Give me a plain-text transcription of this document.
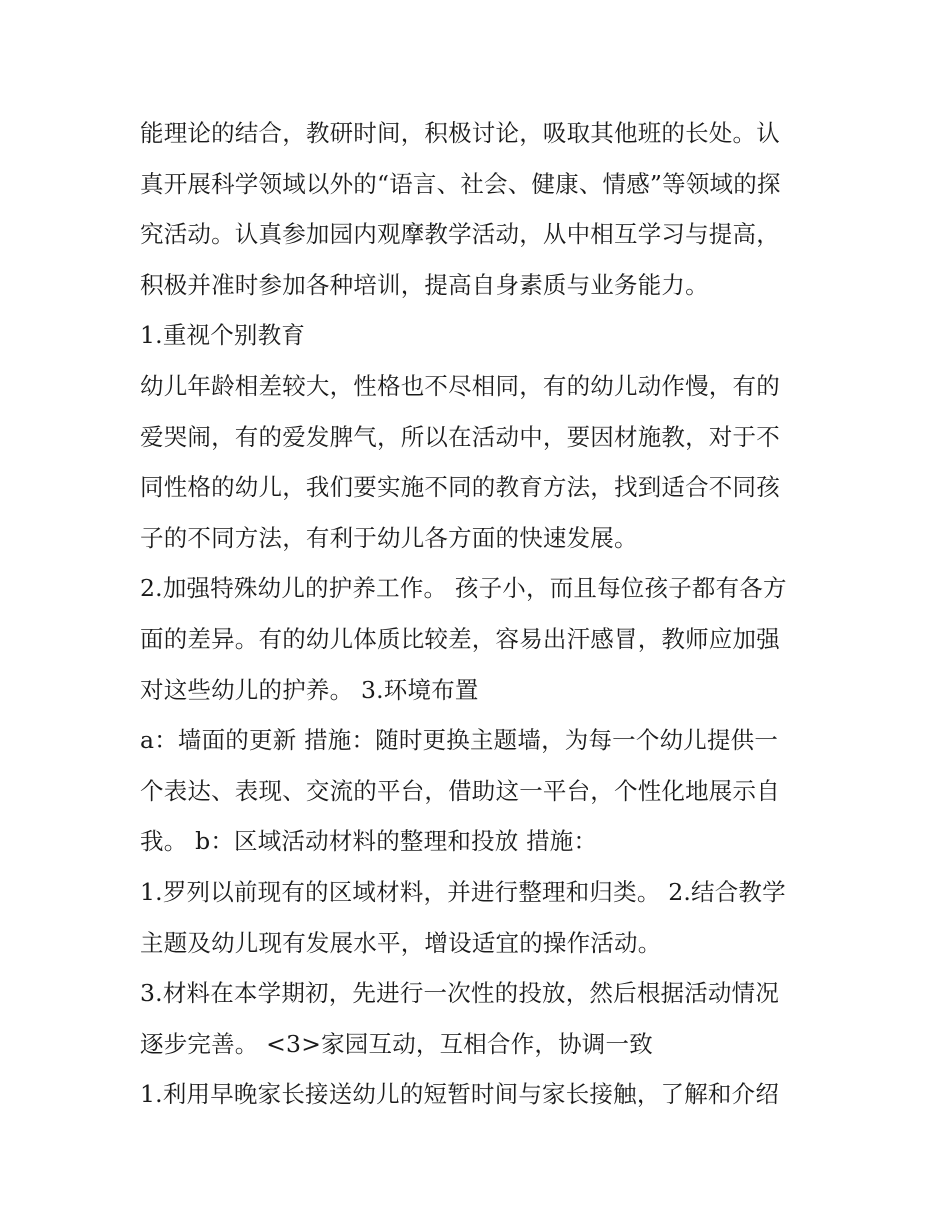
能理论的结合，教研时间，积极讨论，吸取其他班的长处。认
真开展科学领域以外的“语言、社会、健康、情感”等领域的探
究活动。认真参加园内观摩教学活动，从中相互学习与提高，
积极并准时参加各种培训，提高自身素质与业务能力。
1.重视个别教育
幼儿年龄相差较大，性格也不尽相同，有的幼儿动作慢，有的
爱哭闹，有的爱发脾气，所以在活动中，要因材施教，对于不
同性格的幼儿，我们要实施不同的教育方法，找到适合不同孩
子的不同方法，有利于幼儿各方面的快速发展。
2.加强特殊幼儿的护养工作。 孩子小，而且每位孩子都有各方
面的差异。有的幼儿体质比较差，容易出汗感冒，教师应加强
对这些幼儿的护养。 3.环境布置
a：墙面的更新 措施：随时更换主题墙，为每一个幼儿提供一
个表达、表现、交流的平台，借助这一平台，个性化地展示自
我。 b：区域活动材料的整理和投放 措施：
1.罗列以前现有的区域材料，并进行整理和归类。 2.结合教学
主题及幼儿现有发展水平，增设适宜的操作活动。
3.材料在本学期初，先进行一次性的投放，然后根据活动情况
逐步完善。 <3>家园互动，互相合作，协调一致
1.利用早晚家长接送幼儿的短暂时间与家长接触，了解和介绍
